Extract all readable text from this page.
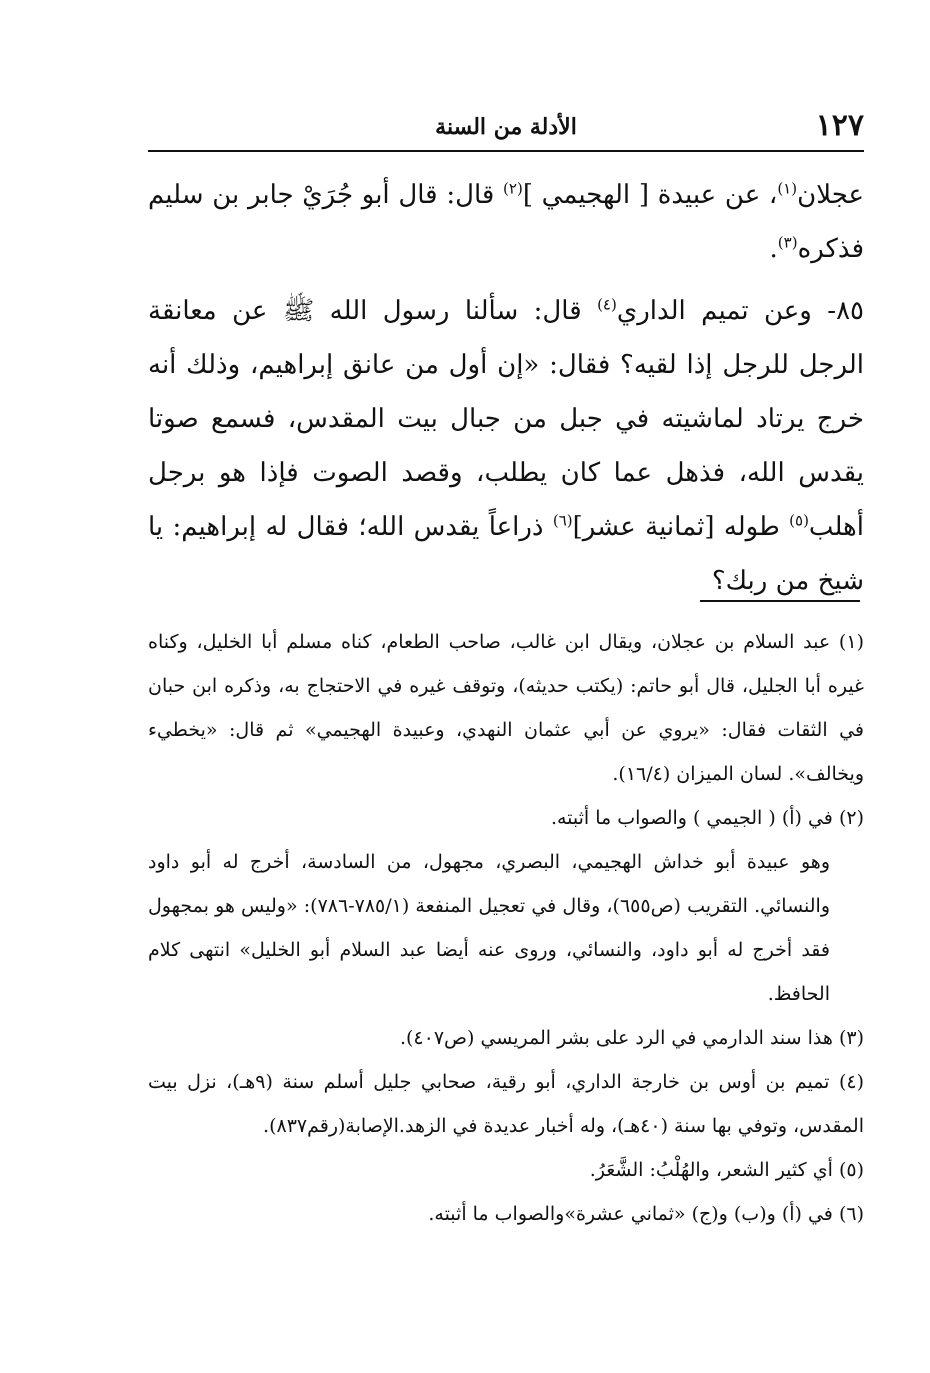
١٢٧
الأدلة من السنة

عجلان$^{(١)}$، عن عبيدة [ الهجيمي ]$^{(٢)}$ قال: قال أبو جُرَيْ جابر بن سليم فذكره$^{(٣)}$.

٨٥- وعن تميم الداري$^{(٤)}$ قال: سألنا رسول الله ﷺ عن معانقة الرجل للرجل إذا لقيه؟ فقال: «إن أول من عانق إبراهيم، وذلك أنه خرج يرتاد لماشيته في جبل من جبال بيت المقدس، فسمع صوتا يقدس الله، فذهل عما كان يطلب، وقصد الصوت فإذا هو برجل أهلب$^{(٥)}$ طوله [ثمانية عشر]$^{(٦)}$ ذراعاً يقدس الله؛ فقال له إبراهيم: يا شيخ من ربك؟

(١) عبد السلام بن عجلان، ويقال ابن غالب، صاحب الطعام، كناه مسلم أبا الخليل، وكناه غيره أبا الجليل، قال أبو حاتم: (يكتب حديثه)، وتوقف غيره في الاحتجاج به، وذكره ابن حبان في الثقات فقال: «يروي عن أبي عثمان النهدي، وعبيدة الهجيمي» ثم قال: «يخطيء ويخالف». لسان الميزان (١٦/٤).

(٢) في (أ) ( الجيمي ) والصواب ما أثبته.

وهو عبيدة أبو خداش الهجيمي، البصري، مجهول، من السادسة، أخرج له أبو داود والنسائي. التقريب (ص٦٥٥)، وقال في تعجيل المنفعة (٧٨٥/١-٧٨٦): «وليس هو بمجهول فقد أخرج له أبو داود، والنسائي، وروى عنه أيضا عبد السلام أبو الخليل» انتهى كلام الحافظ.

(٣) هذا سند الدارمي في الرد على بشر المريسي (ص٤٠٧).

(٤) تميم بن أوس بن خارجة الداري، أبو رقية، صحابي جليل أسلم سنة (٩هـ)، نزل بيت المقدس، وتوفي بها سنة (٤٠هـ)، وله أخبار عديدة في الزهد.الإصابة(رقم٨٣٧).

(٥) أي كثير الشعر، والهُلْبُ: الشَّعَرُ.

(٦) في (أ) و(ب) و(ج) «ثماني عشرة»والصواب ما أثبته.
